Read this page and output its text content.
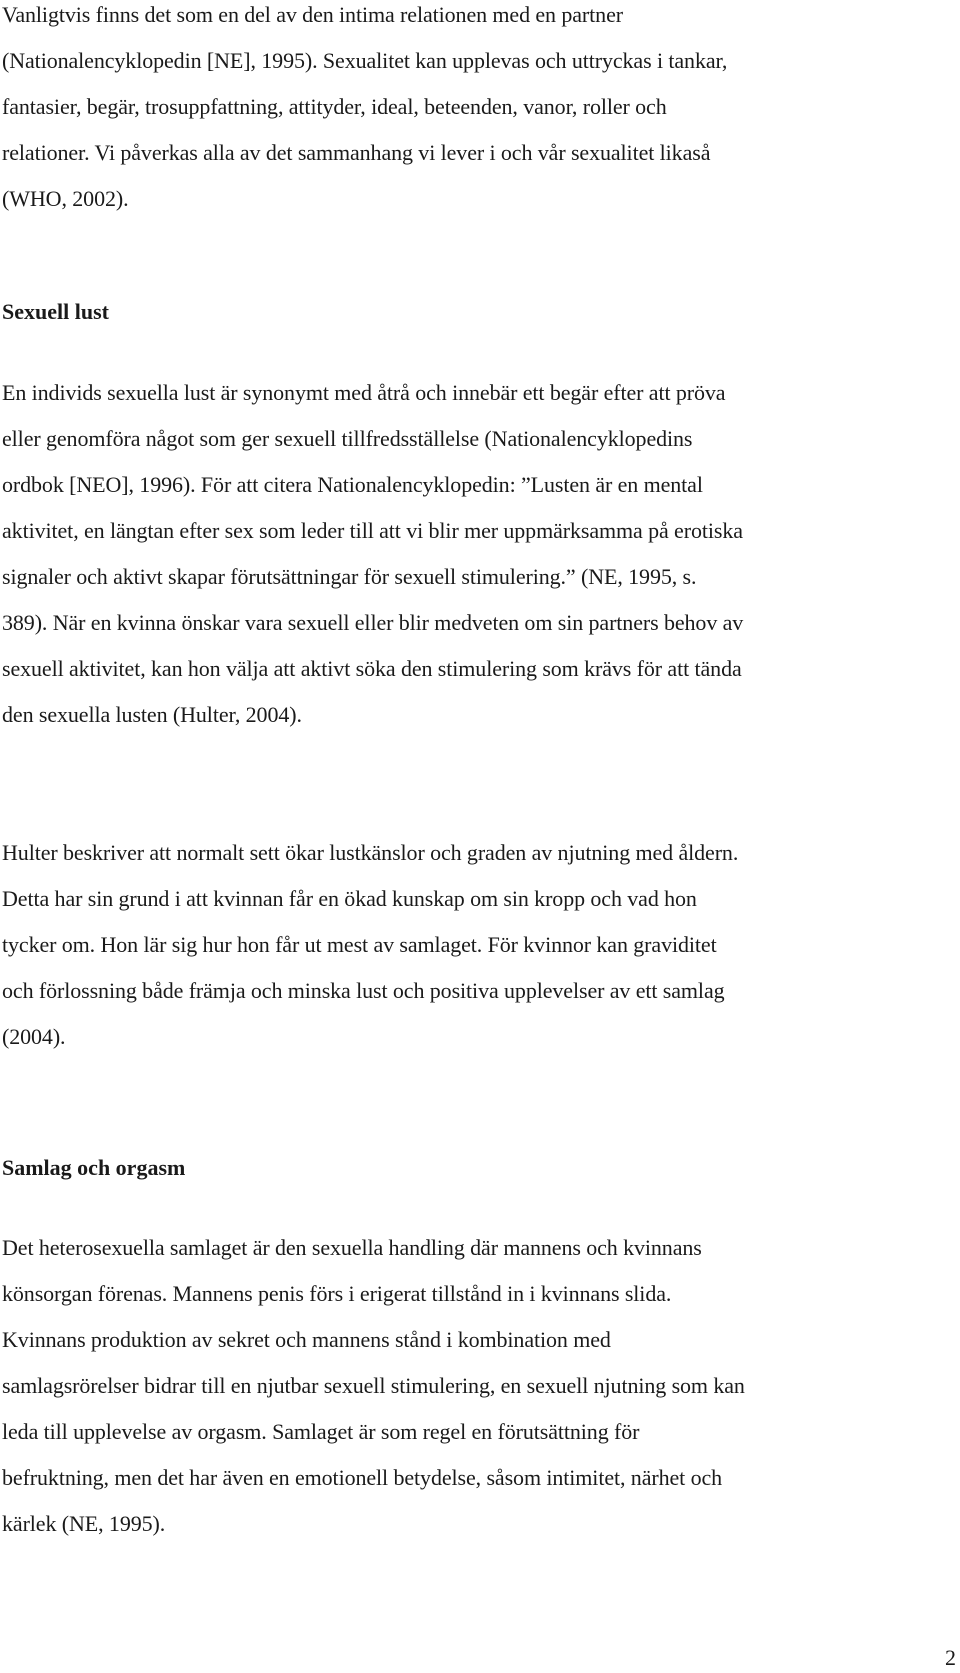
Vanligtvis finns det som en del av den intima relationen med en partner
(Nationalencyklopedin [NE], 1995). Sexualitet kan upplevas och uttryckas i tankar,
fantasier, begär, trosuppfattning, attityder, ideal, beteenden, vanor, roller och
relationer. Vi påverkas alla av det sammanhang vi lever i och vår sexualitet likaså
(WHO, 2002).

Sexuell lust

En individs sexuella lust är synonymt med åtrå och innebär ett begär efter att pröva
eller genomföra något som ger sexuell tillfredsställelse (Nationalencyklopedins
ordbok [NEO], 1996). För att citera Nationalencyklopedin: ”Lusten är en mental
aktivitet, en längtan efter sex som leder till att vi blir mer uppmärksamma på erotiska
signaler och aktivt skapar förutsättningar för sexuell stimulering.” (NE, 1995, s.
389). När en kvinna önskar vara sexuell eller blir medveten om sin partners behov av
sexuell aktivitet, kan hon välja att aktivt söka den stimulering som krävs för att tända
den sexuella lusten (Hulter, 2004).

Hulter beskriver att normalt sett ökar lustkänslor och graden av njutning med åldern.
Detta har sin grund i att kvinnan får en ökad kunskap om sin kropp och vad hon
tycker om. Hon lär sig hur hon får ut mest av samlaget. För kvinnor kan graviditet
och förlossning både främja och minska lust och positiva upplevelser av ett samlag
(2004).

Samlag och orgasm

Det heterosexuella samlaget är den sexuella handling där mannens och kvinnans
könsorgan förenas. Mannens penis förs i erigerat tillstånd in i kvinnans slida.
Kvinnans produktion av sekret och mannens stånd i kombination med
samlagsrörelser bidrar till en njutbar sexuell stimulering, en sexuell njutning som kan
leda till upplevelse av orgasm. Samlaget är som regel en förutsättning för
befruktning, men det har även en emotionell betydelse, såsom intimitet, närhet och
kärlek (NE, 1995).

2
